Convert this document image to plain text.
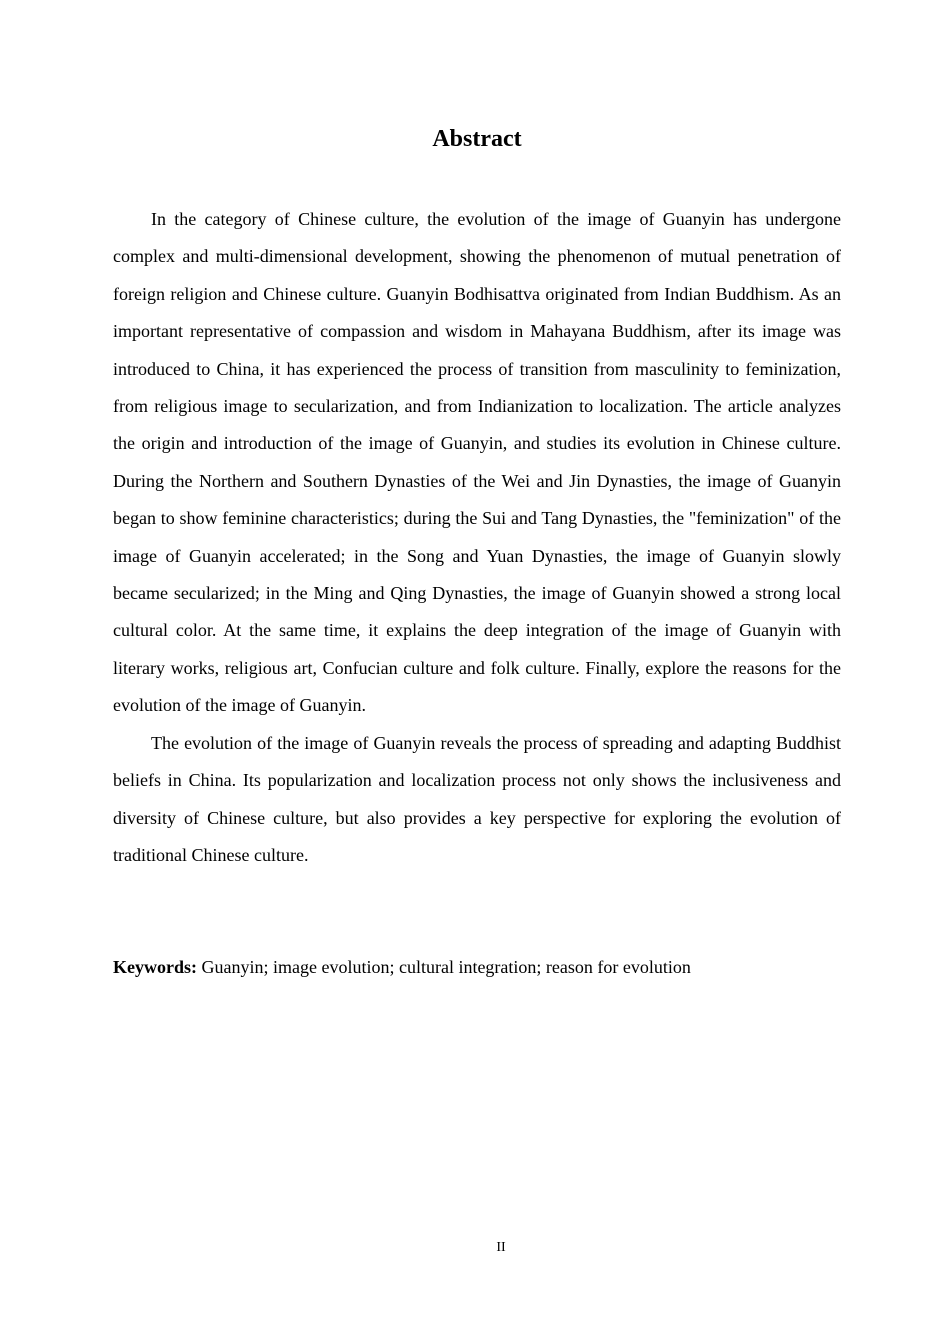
Abstract

In the category of Chinese culture, the evolution of the image of Guanyin has undergone complex and multi-dimensional development, showing the phenomenon of mutual penetration of foreign religion and Chinese culture. Guanyin Bodhisattva originated from Indian Buddhism. As an important representative of compassion and wisdom in Mahayana Buddhism, after its image was introduced to China, it has experienced the process of transition from masculinity to feminization, from religious image to secularization, and from Indianization to localization. The article analyzes the origin and introduction of the image of Guanyin, and studies its evolution in Chinese culture. During the Northern and Southern Dynasties of the Wei and Jin Dynasties, the image of Guanyin began to show feminine characteristics; during the Sui and Tang Dynasties, the "feminization" of the image of Guanyin accelerated; in the Song and Yuan Dynasties, the image of Guanyin slowly became secularized; in the Ming and Qing Dynasties, the image of Guanyin showed a strong local cultural color. At the same time, it explains the deep integration of the image of Guanyin with literary works, religious art, Confucian culture and folk culture. Finally, explore the reasons for the evolution of the image of Guanyin.

The evolution of the image of Guanyin reveals the process of spreading and adapting Buddhist beliefs in China. Its popularization and localization process not only shows the inclusiveness and diversity of Chinese culture, but also provides a key perspective for exploring the evolution of traditional Chinese culture.

Keywords: Guanyin; image evolution; cultural integration; reason for evolution

II
